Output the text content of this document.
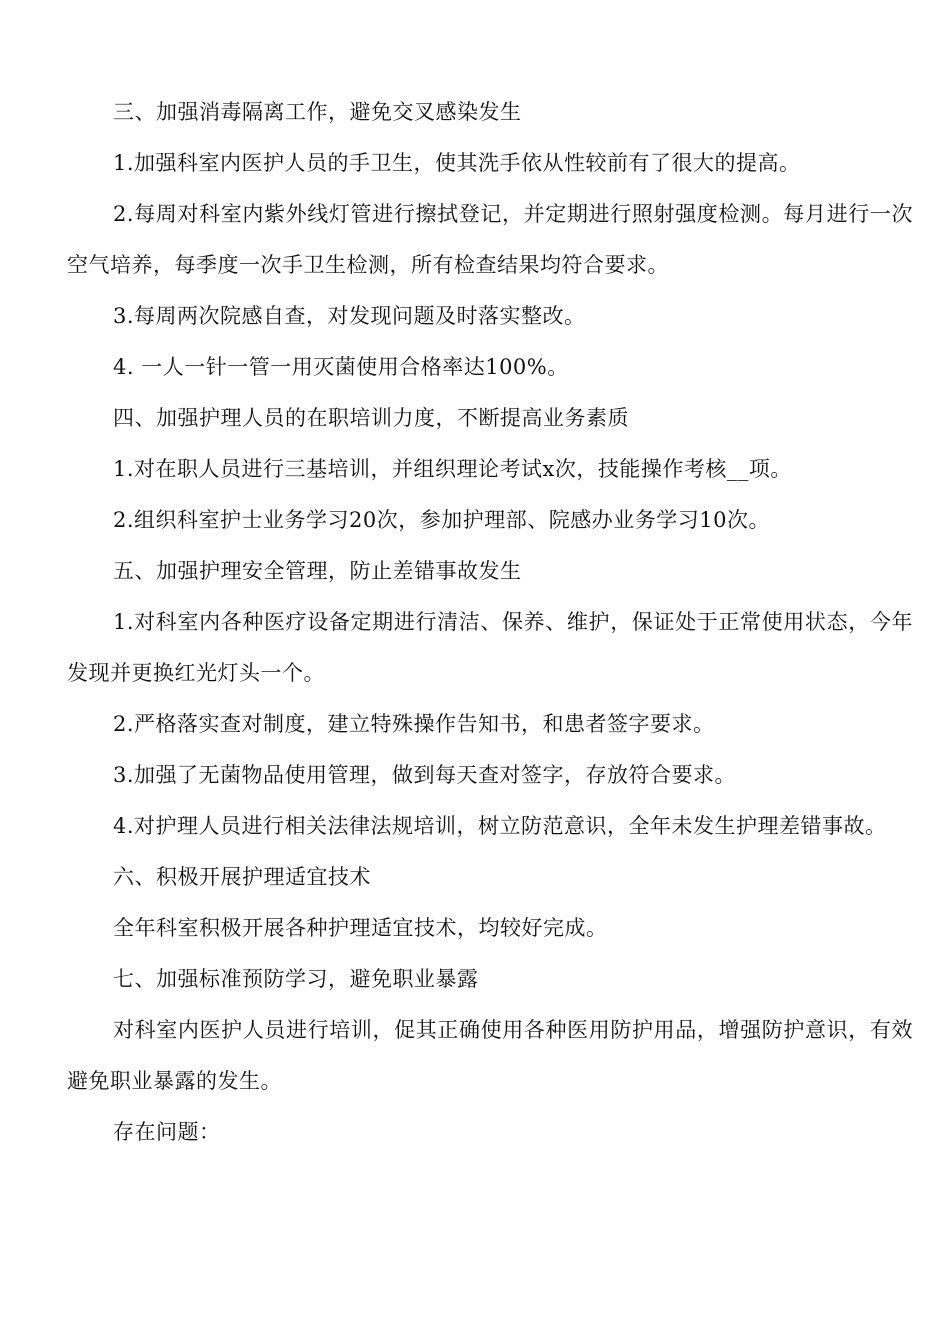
三、加强消毒隔离工作，避免交叉感染发生

1.加强科室内医护人员的手卫生，使其洗手依从性较前有了很大的提高。

2.每周对科室内紫外线灯管进行擦拭登记，并定期进行照射强度检测。每月进行一次空气培养，每季度一次手卫生检测，所有检查结果均符合要求。

3.每周两次院感自查，对发现问题及时落实整改。

4. 一人一针一管一用灭菌使用合格率达100%。

四、加强护理人员的在职培训力度，不断提高业务素质

1.对在职人员进行三基培训，并组织理论考试x次，技能操作考核__项。

2.组织科室护士业务学习20次，参加护理部、院感办业务学习10次。

五、加强护理安全管理，防止差错事故发生

1.对科室内各种医疗设备定期进行清洁、保养、维护，保证处于正常使用状态，今年发现并更换红光灯头一个。

2.严格落实查对制度，建立特殊操作告知书，和患者签字要求。

3.加强了无菌物品使用管理，做到每天查对签字，存放符合要求。

4.对护理人员进行相关法律法规培训，树立防范意识，全年未发生护理差错事故。

六、积极开展护理适宜技术

全年科室积极开展各种护理适宜技术，均较好完成。

七、加强标准预防学习，避免职业暴露

对科室内医护人员进行培训，促其正确使用各种医用防护用品，增强防护意识，有效避免职业暴露的发生。

存在问题：
